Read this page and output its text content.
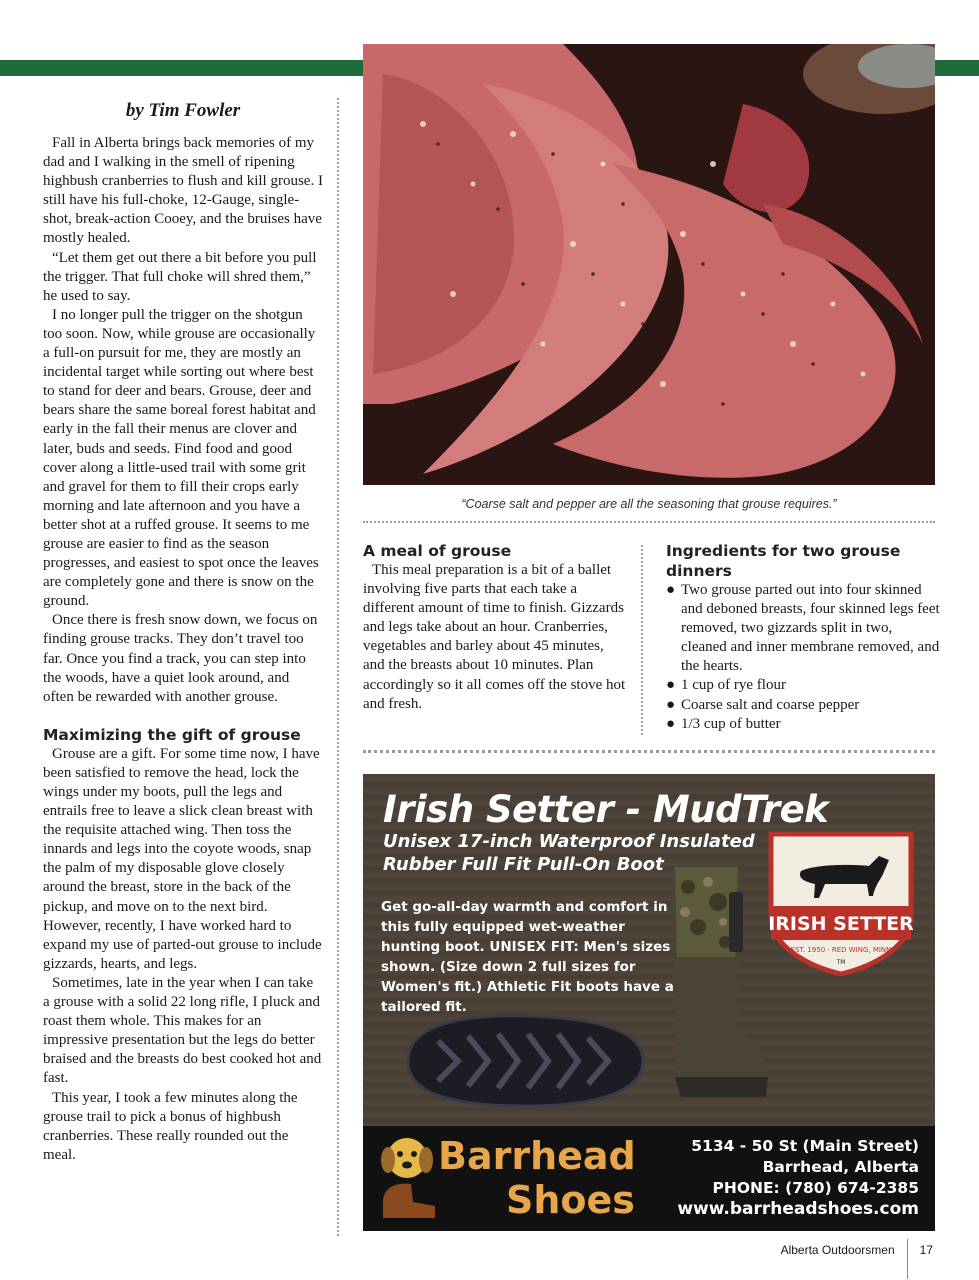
“Coarse salt and pepper are all the seasoning that grouse requires.”
by Tim Fowler

Fall in Alberta brings back memories of my dad and I walking in the smell of ripening highbush cranberries to flush and kill grouse. I still have his full-choke, 12-Gauge, single-shot, break-action Cooey, and the bruises have mostly healed.

“Let them get out there a bit before you pull the trigger. That full choke will shred them,” he used to say.

I no longer pull the trigger on the shotgun too soon. Now, while grouse are occasionally a full-on pursuit for me, they are mostly an incidental target while sorting out where best to stand for deer and bears. Grouse, deer and bears share the same boreal forest habitat and early in the fall their menus are clover and later, buds and seeds. Find food and good cover along a little-used trail with some grit and gravel for them to fill their crops early morning and late afternoon and you have a better shot at a ruffed grouse. It seems to me grouse are easier to find as the season progresses, and easiest to spot once the leaves are completely gone and there is snow on the ground.

Once there is fresh snow down, we focus on finding grouse tracks. They don’t travel too far. Once you find a track, you can step into the woods, have a quiet look around, and often be rewarded with another grouse.

Maximizing the gift of grouse

Grouse are a gift. For some time now, I have been satisfied to remove the head, lock the wings under my boots, pull the legs and entrails free to leave a slick clean breast with the requisite attached wing. Then toss the innards and legs into the coyote woods, snap the palm of my disposable glove closely around the breast, store in the back of the pickup, and move on to the next bird. However, recently, I have worked hard to expand my use of parted-out grouse to include gizzards, hearts, and legs.

Sometimes, late in the year when I can take a grouse with a solid 22 long rifle, I pluck and roast them whole. This makes for an impressive presentation but the legs do better braised and the breasts do best cooked hot and fast.

This year, I took a few minutes along the grouse trail to pick a bonus of highbush cranberries. These really rounded out the meal.

A meal of grouse

This meal preparation is a bit of a ballet involving five parts that each take a different amount of time to finish. Gizzards and legs take about an hour. Cranberries, vegetables and barley about 45 minutes, and the breasts about 10 minutes. Plan accordingly so it all comes off the stove hot and fresh.

Ingredients for two grouse dinners
● Two grouse parted out into four skinned and deboned breasts, four skinned legs feet removed, two gizzards split in two, cleaned and inner membrane removed, and the hearts.
● 1 cup of rye flour
● Coarse salt and coarse pepper
● 1/3 cup of butter
Irish Setter - MudTrek
Unisex 17-inch Waterproof Insulated Rubber Full Fit Pull-On Boot
Get go-all-day warmth and comfort in this fully equipped wet-weather hunting boot. UNISEX FIT: Men's sizes shown. (Size down 2 full sizes for Women's fit.) Athletic Fit boots have a tailored fit.
IRISH SETTER
EST. 1950 · RED WING, MINN
TM
Barrhead
Shoes
5134 - 50 St (Main Street)
Barrhead, Alberta
PHONE: (780) 674-2385
www.barrheadshoes.com
Alberta Outdoorsmen 17
